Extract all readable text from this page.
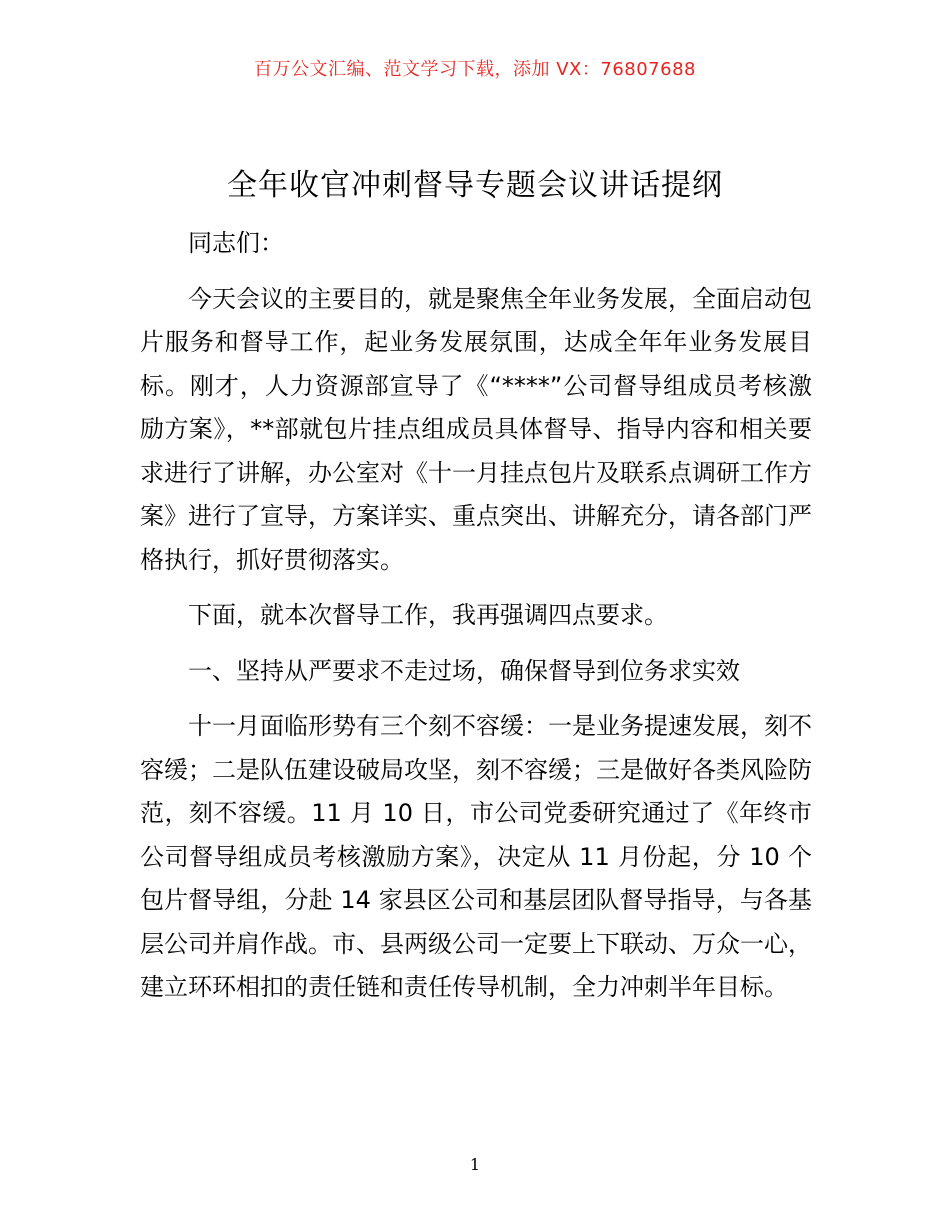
百万公文汇编、范文学习下载，添加 VX：76807688
全年收官冲刺督导专题会议讲话提纲

同志们：

今天会议的主要目的，就是聚焦全年业务发展，全面启动包片服务和督导工作，起业务发展氛围，达成全年年业务发展目标。刚才，人力资源部宣导了《“****”公司督导组成员考核激励方案》，**部就包片挂点组成员具体督导、指导内容和相关要求进行了讲解，办公室对《十一月挂点包片及联系点调研工作方案》进行了宣导，方案详实、重点突出、讲解充分，请各部门严格执行，抓好贯彻落实。

下面，就本次督导工作，我再强调四点要求。

一、坚持从严要求不走过场，确保督导到位务求实效

十一月面临形势有三个刻不容缓：一是业务提速发展，刻不容缓；二是队伍建设破局攻坚，刻不容缓；三是做好各类风险防范，刻不容缓。11 月 10 日，市公司党委研究通过了《年终市公司督导组成员考核激励方案》，决定从 11 月份起，分 10 个包片督导组，分赴 14 家县区公司和基层团队督导指导，与各基层公司并肩作战。市、县两级公司一定要上下联动、万众一心，建立环环相扣的责任链和责任传导机制，全力冲刺半年目标。

1
